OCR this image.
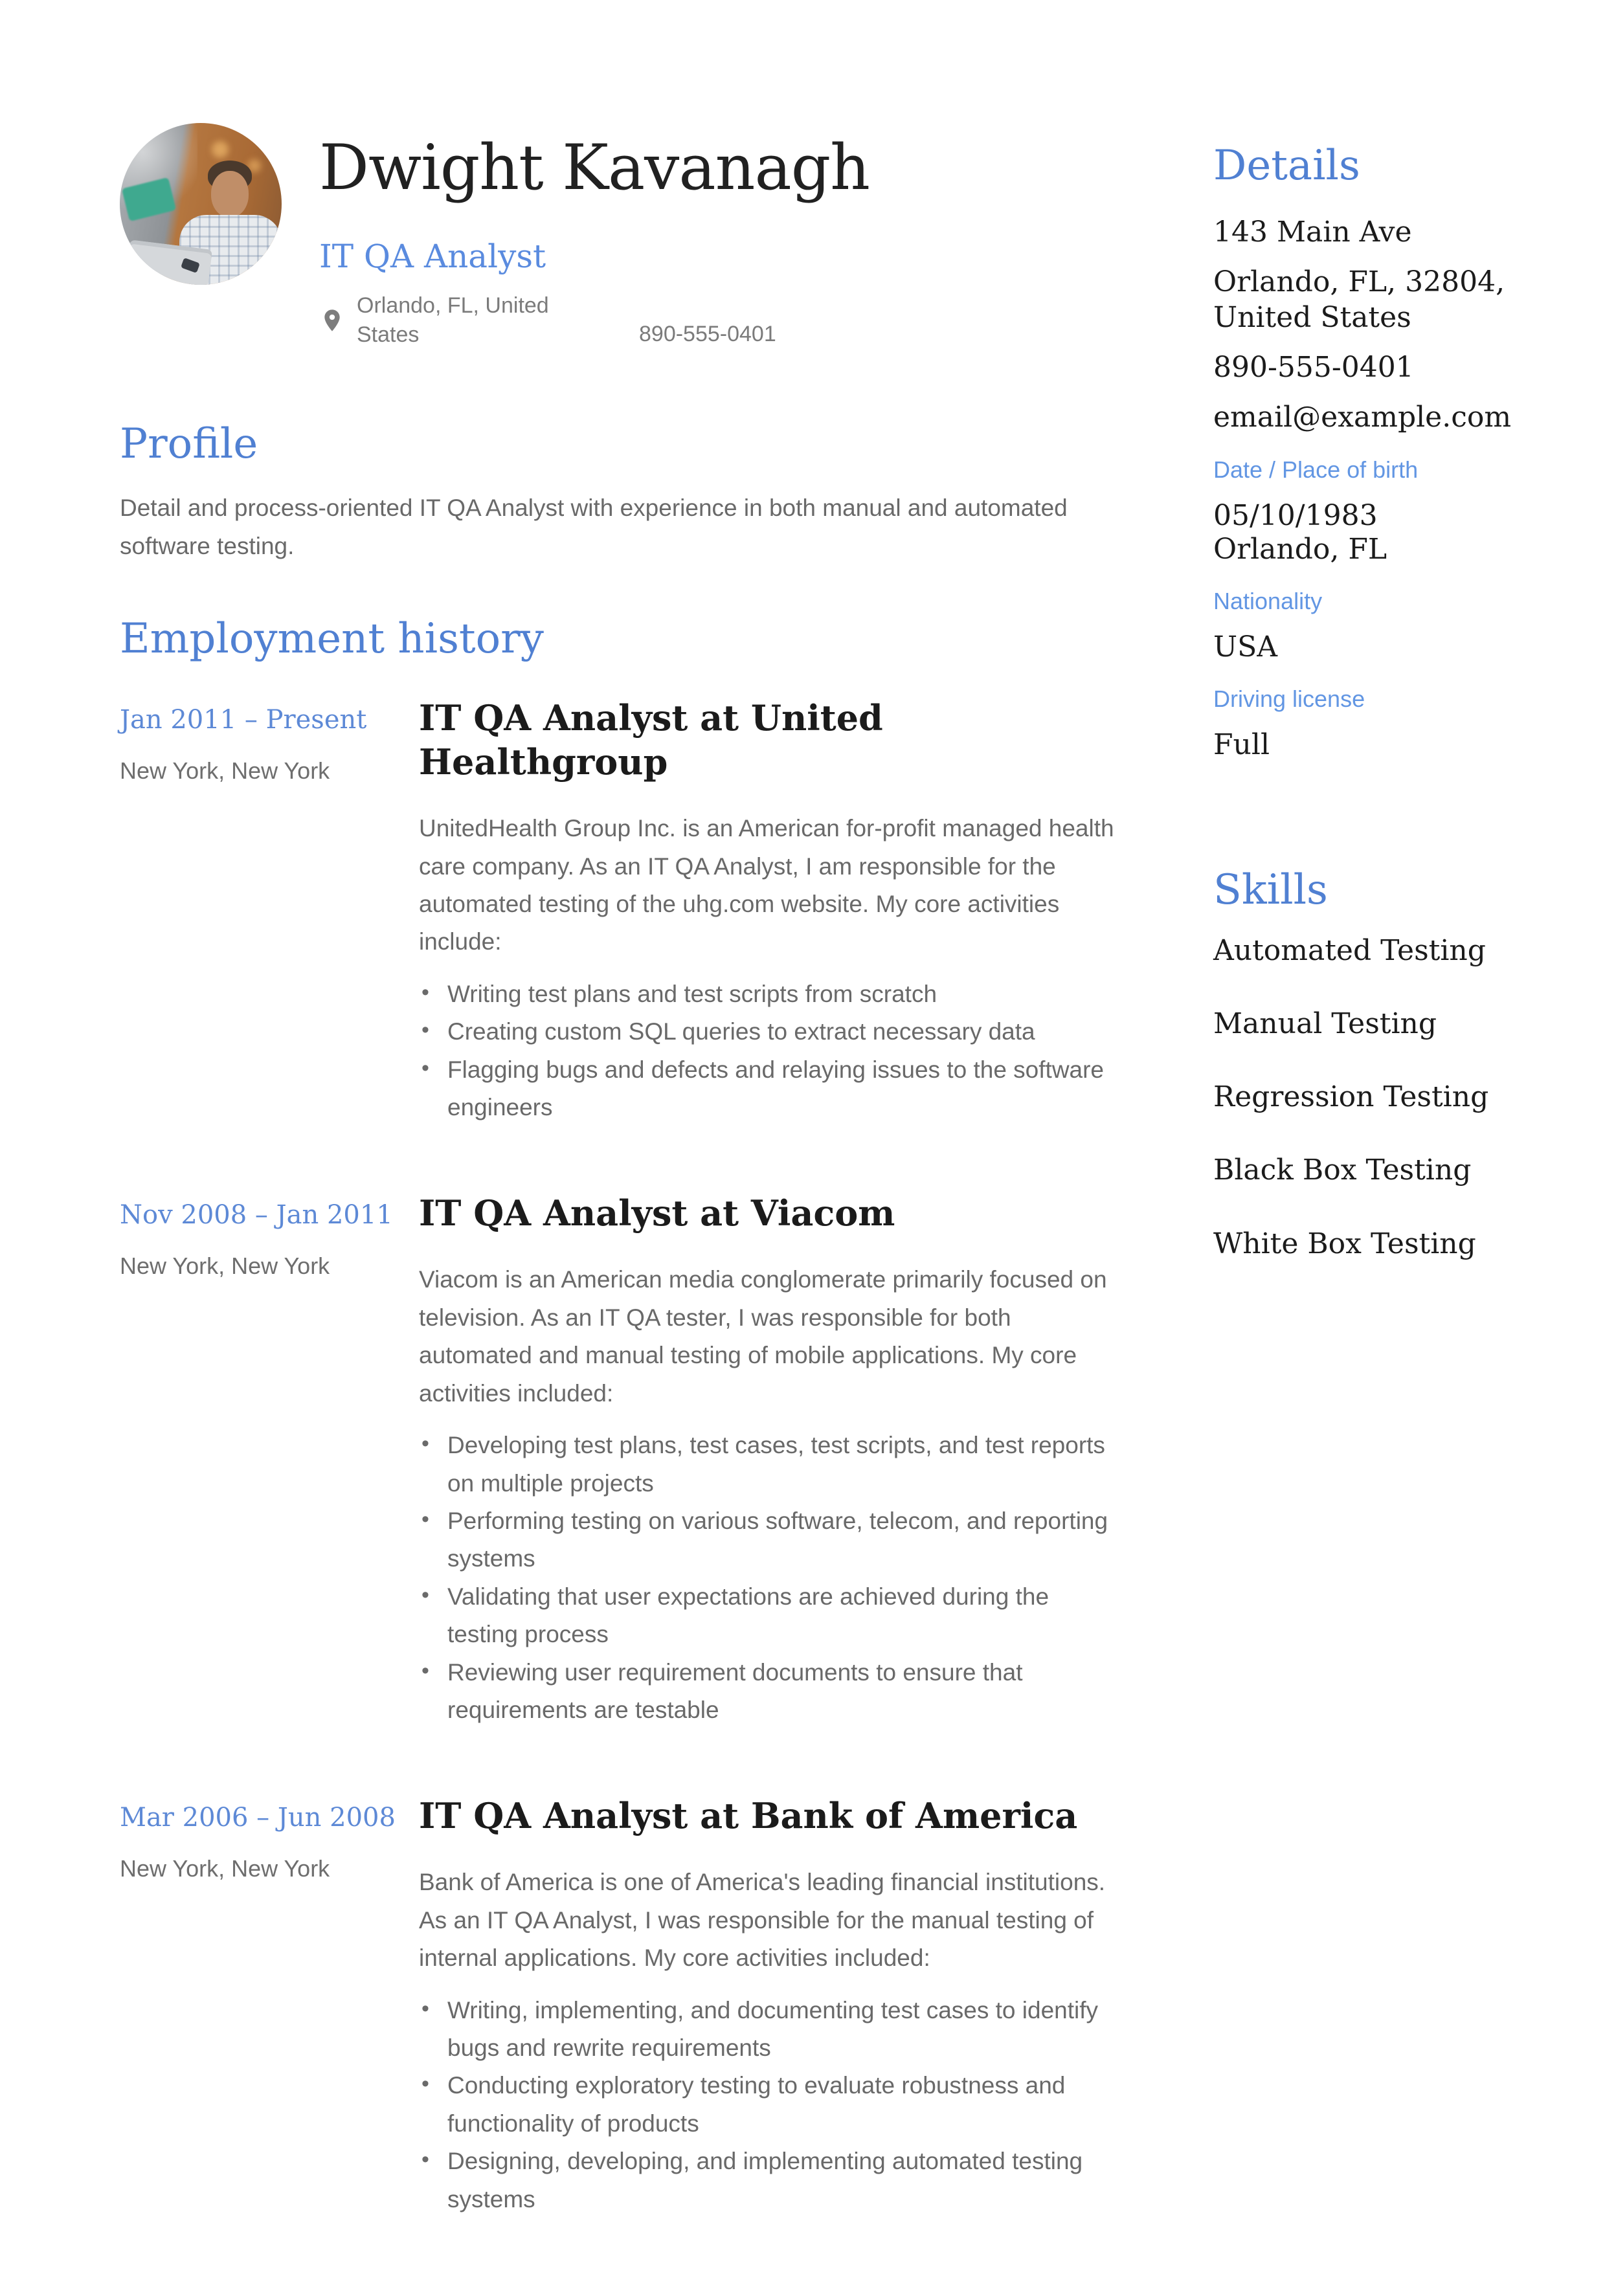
Dwight Kavanagh
IT QA Analyst
Orlando, FL, United States	890-555-0401
Profile

Detail and process-oriented IT QA Analyst with experience in both manual and automated software testing.

Employment history
Jan 2011 – Present
New York, New York
IT QA Analyst at United Healthgroup

UnitedHealth Group Inc. is an American for-profit managed health care company. As an IT QA Analyst, I am responsible for the automated testing of the uhg.com website. My core activities include:

• Writing test plans and test scripts from scratch
• Creating custom SQL queries to extract necessary data
• Flagging bugs and defects and relaying issues to the software engineers
Nov 2008 – Jan 2011
New York, New York
IT QA Analyst at Viacom

Viacom is an American media conglomerate primarily focused on television. As an IT QA tester, I was responsible for both automated and manual testing of mobile applications. My core activities included:

• Developing test plans, test cases, test scripts, and test reports on multiple projects
• Performing testing on various software, telecom, and reporting systems
• Validating that user expectations are achieved during the testing process
• Reviewing user requirement documents to ensure that requirements are testable
Mar 2006 – Jun 2008
New York, New York
IT QA Analyst at Bank of America

Bank of America is one of America's leading financial institutions. As an IT QA Analyst, I was responsible for the manual testing of internal applications. My core activities included:

• Writing, implementing, and documenting test cases to identify bugs and rewrite requirements
• Conducting exploratory testing to evaluate robustness and functionality of products
• Designing, developing, and implementing automated testing systems
Details

143 Main Ave

Orlando, FL, 32804, United States

890-555-0401

email@example.com

Date / Place of birth

05/10/1983

Orlando, FL

Nationality

USA

Driving license

Full

Skills
Automated Testing
Manual Testing
Regression Testing
Black Box Testing
White Box Testing
